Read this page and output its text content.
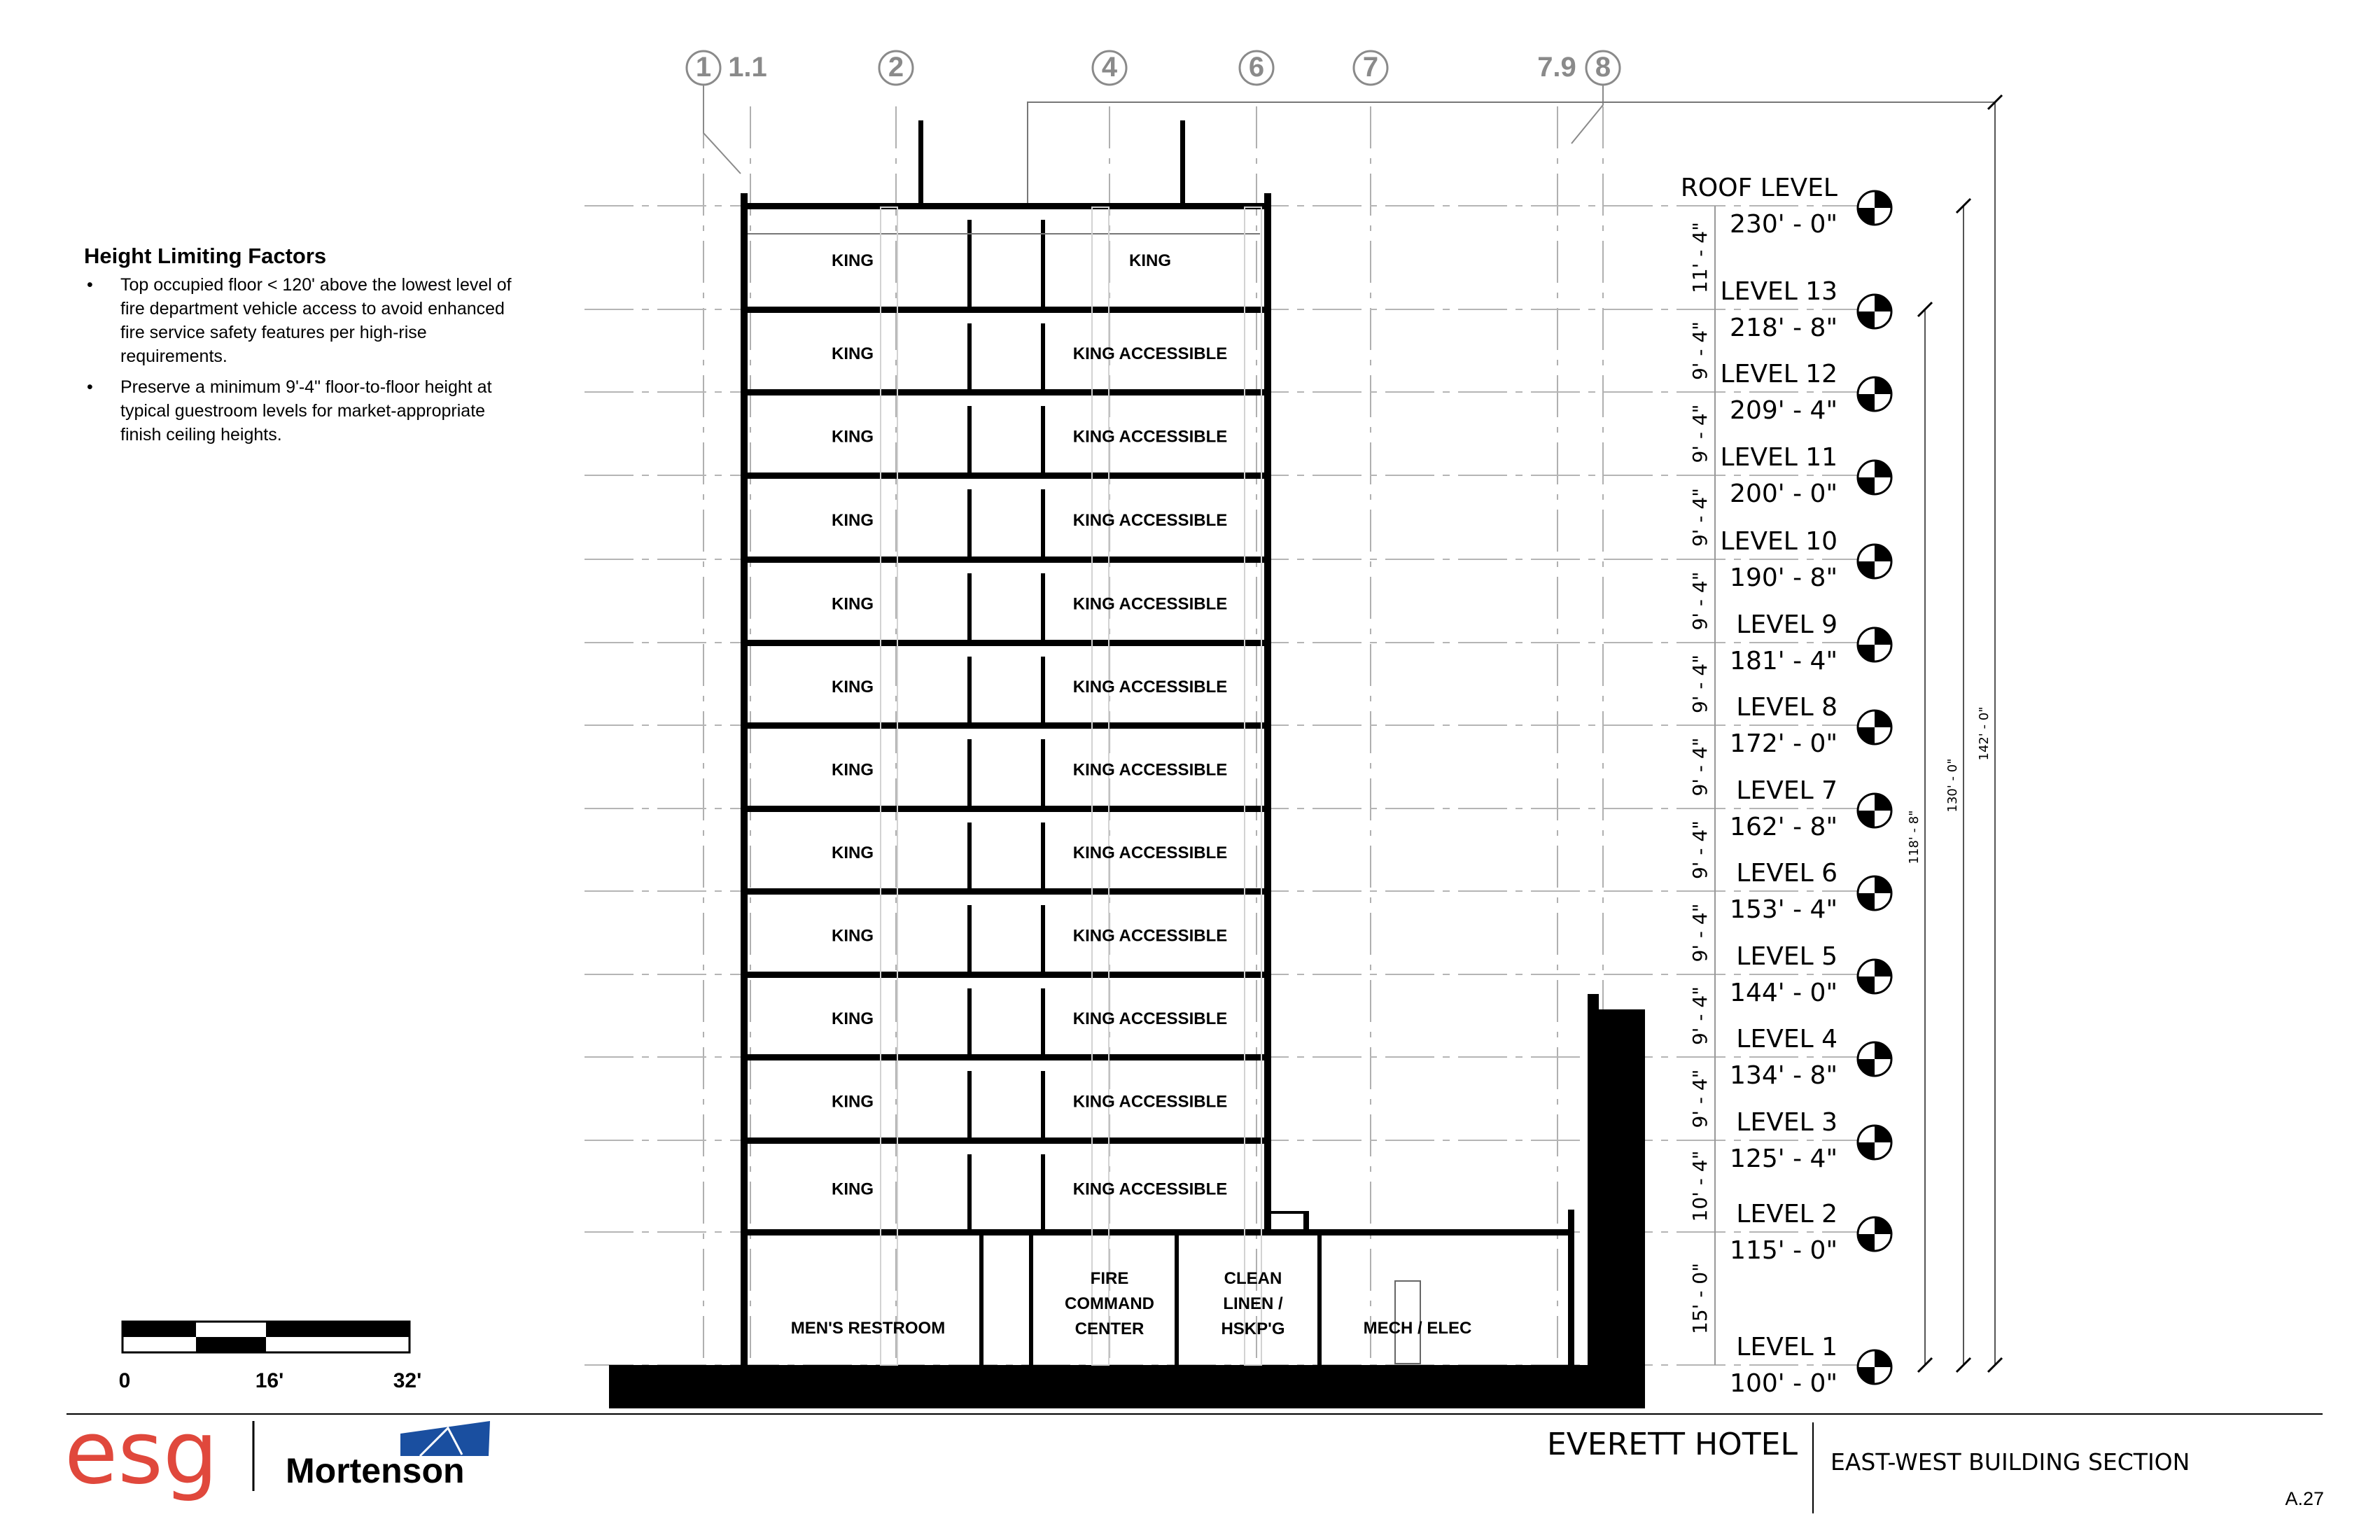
Height Limiting Factors
• Top occupied floor < 120' above the lowest level of fire department vehicle access to avoid enhanced fire service safety features per high-rise requirements.
• Preserve a minimum 9'-4" floor-to-floor height at typical guestroom levels for market-appropriate finish ceiling heights.
1 1.1	2	4	6	7	7.9 8
KING	KING
KING	KING ACCESSIBLE
KING	KING ACCESSIBLE
KING	KING ACCESSIBLE
KING	KING ACCESSIBLE
KING	KING ACCESSIBLE
KING	KING ACCESSIBLE
KING	KING ACCESSIBLE
KING	KING ACCESSIBLE
KING	KING ACCESSIBLE
KING	KING ACCESSIBLE
KING	KING ACCESSIBLE
MEN'S RESTROOM
FIRE
COMMAND
CENTER
CLEAN
LINEN /
HSKP'G	MECH / ELEC
11' - 4"
9' - 4"
9' - 4"
9' - 4"
9' - 4"
9' - 4"
9' - 4"
9' - 4"
9' - 4"
9' - 4"
9' - 4"
10' - 4"
15' - 0"
118' - 8"
130' - 0"
142' - 0"
ROOF LEVEL
230' - 0"
LEVEL 13
218' - 8"
LEVEL 12
209' - 4"
LEVEL 11
200' - 0"
LEVEL 10
190' - 8"
LEVEL 9
181' - 4"
LEVEL 8
172' - 0"
LEVEL 7
162' - 8"
LEVEL 6
153' - 4"
LEVEL 5
144' - 0"
LEVEL 4
134' - 8"
LEVEL 3
125' - 4"
LEVEL 2
115' - 0"
LEVEL 1
100' - 0"
0	16'	32'
esg Mortenson
EVERETT HOTEL EAST-WEST BUILDING SECTION
A.27
